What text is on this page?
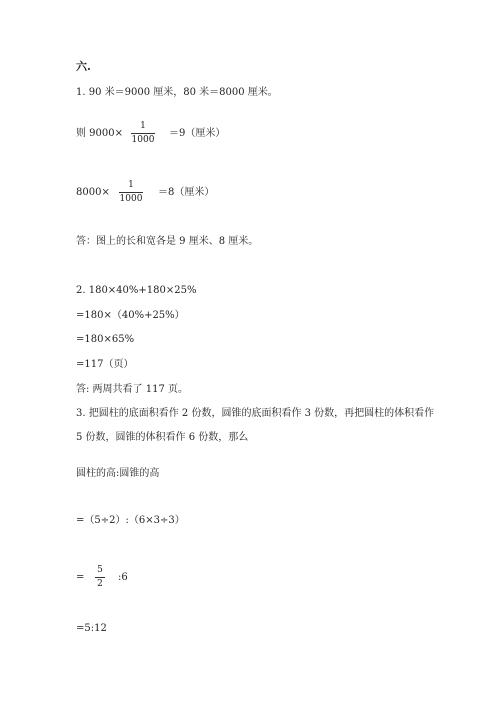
六.
1. 90 米＝9000 厘米，80 米＝8000 厘米。
则 9000×
1
1000
＝9（厘米）
8000×
1
1000
＝8（厘米）
答：图上的长和宽各是 9 厘米、8 厘米。
2. 180×40%+180×25%
=180×（40%+25%）
=180×65%
=117（页）
答: 两周共看了 117 页。
3. 把圆柱的底面积看作 2 份数，圆锥的底面积看作 3 份数，再把圆柱的体积看作
5 份数，圆锥的体积看作 6 份数，那么
圆柱的高:圆锥的高
=（5÷2）:（6×3÷3）
=
5
2
:6
=5:12
